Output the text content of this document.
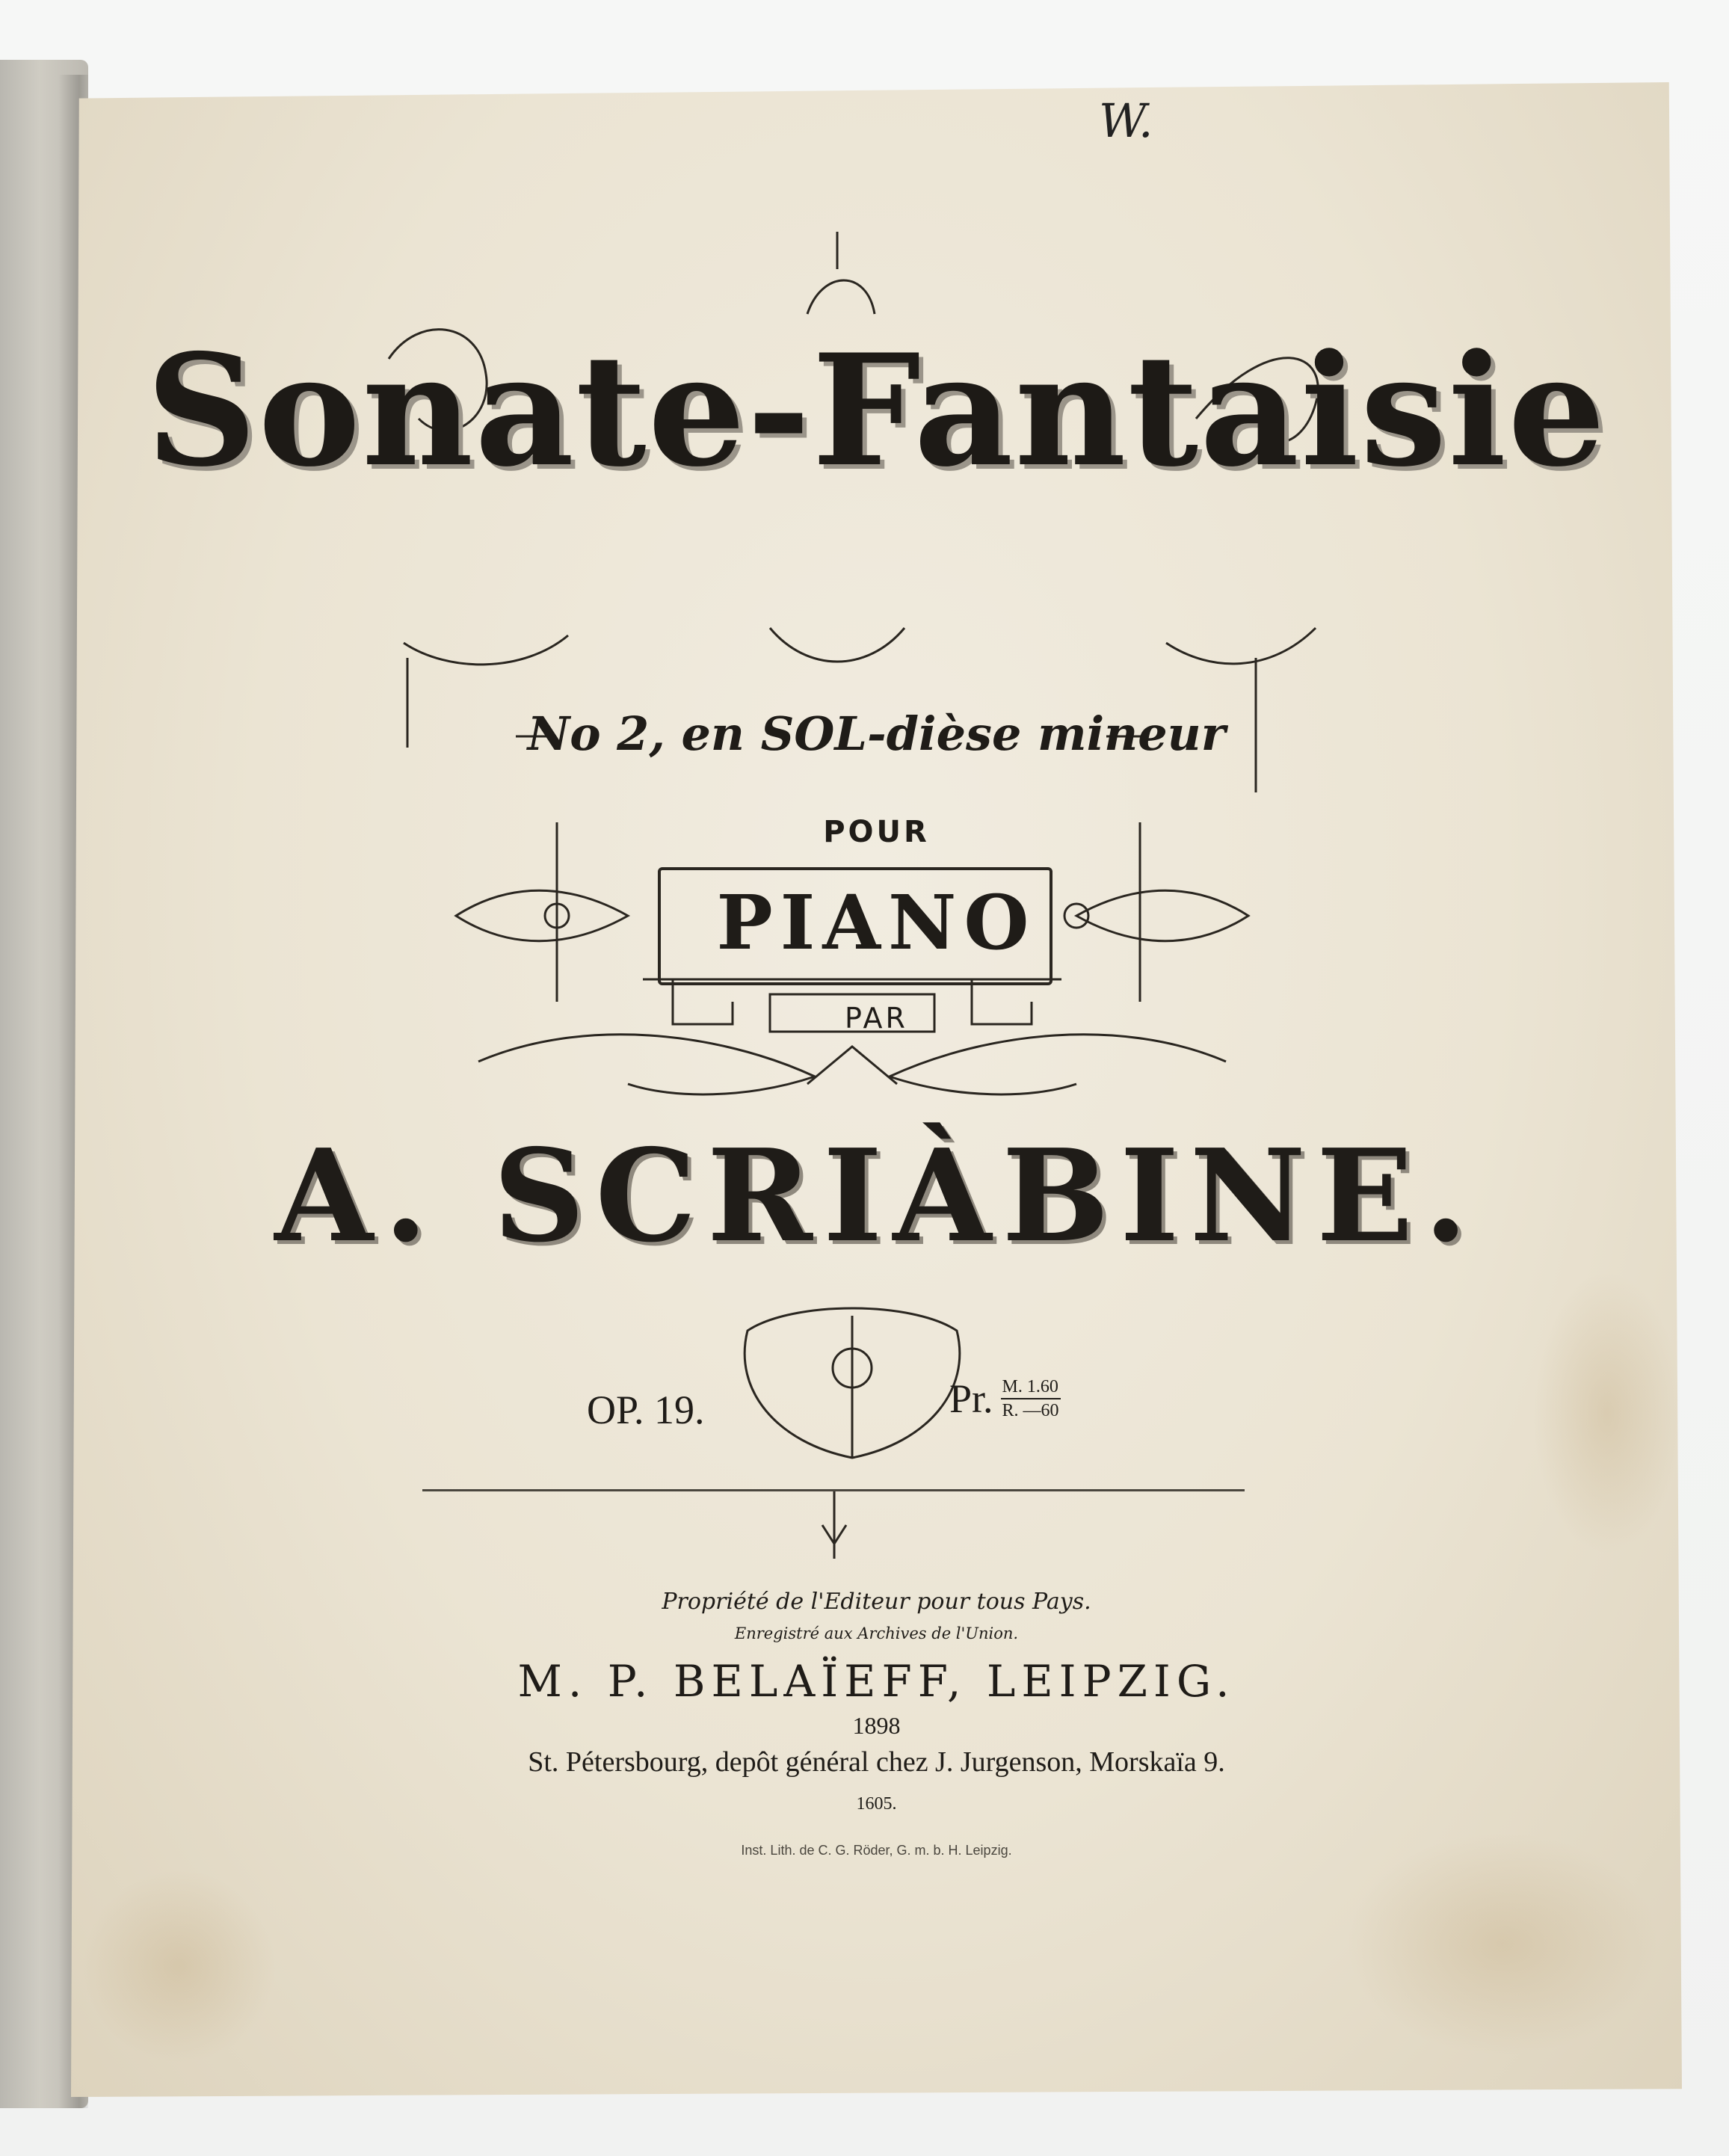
W.
Sonate-Fantaisie
No 2, en SOL-dièse mineur
POUR
PIANO
PAR
A. SCRIÀBINE.
OP. 19.	Pr. $\frac{M. 1.60}{R. —60}$
Propriété de l'Editeur pour tous Pays.
Enregistré aux Archives de l'Union.
M. P. BELAÏEFF, LEIPZIG.
1898
St. Pétersbourg, depôt général chez J. Jurgenson, Morskaïa 9.
1605.
Inst. Lith. de C. G. Röder, G. m. b. H. Leipzig.
